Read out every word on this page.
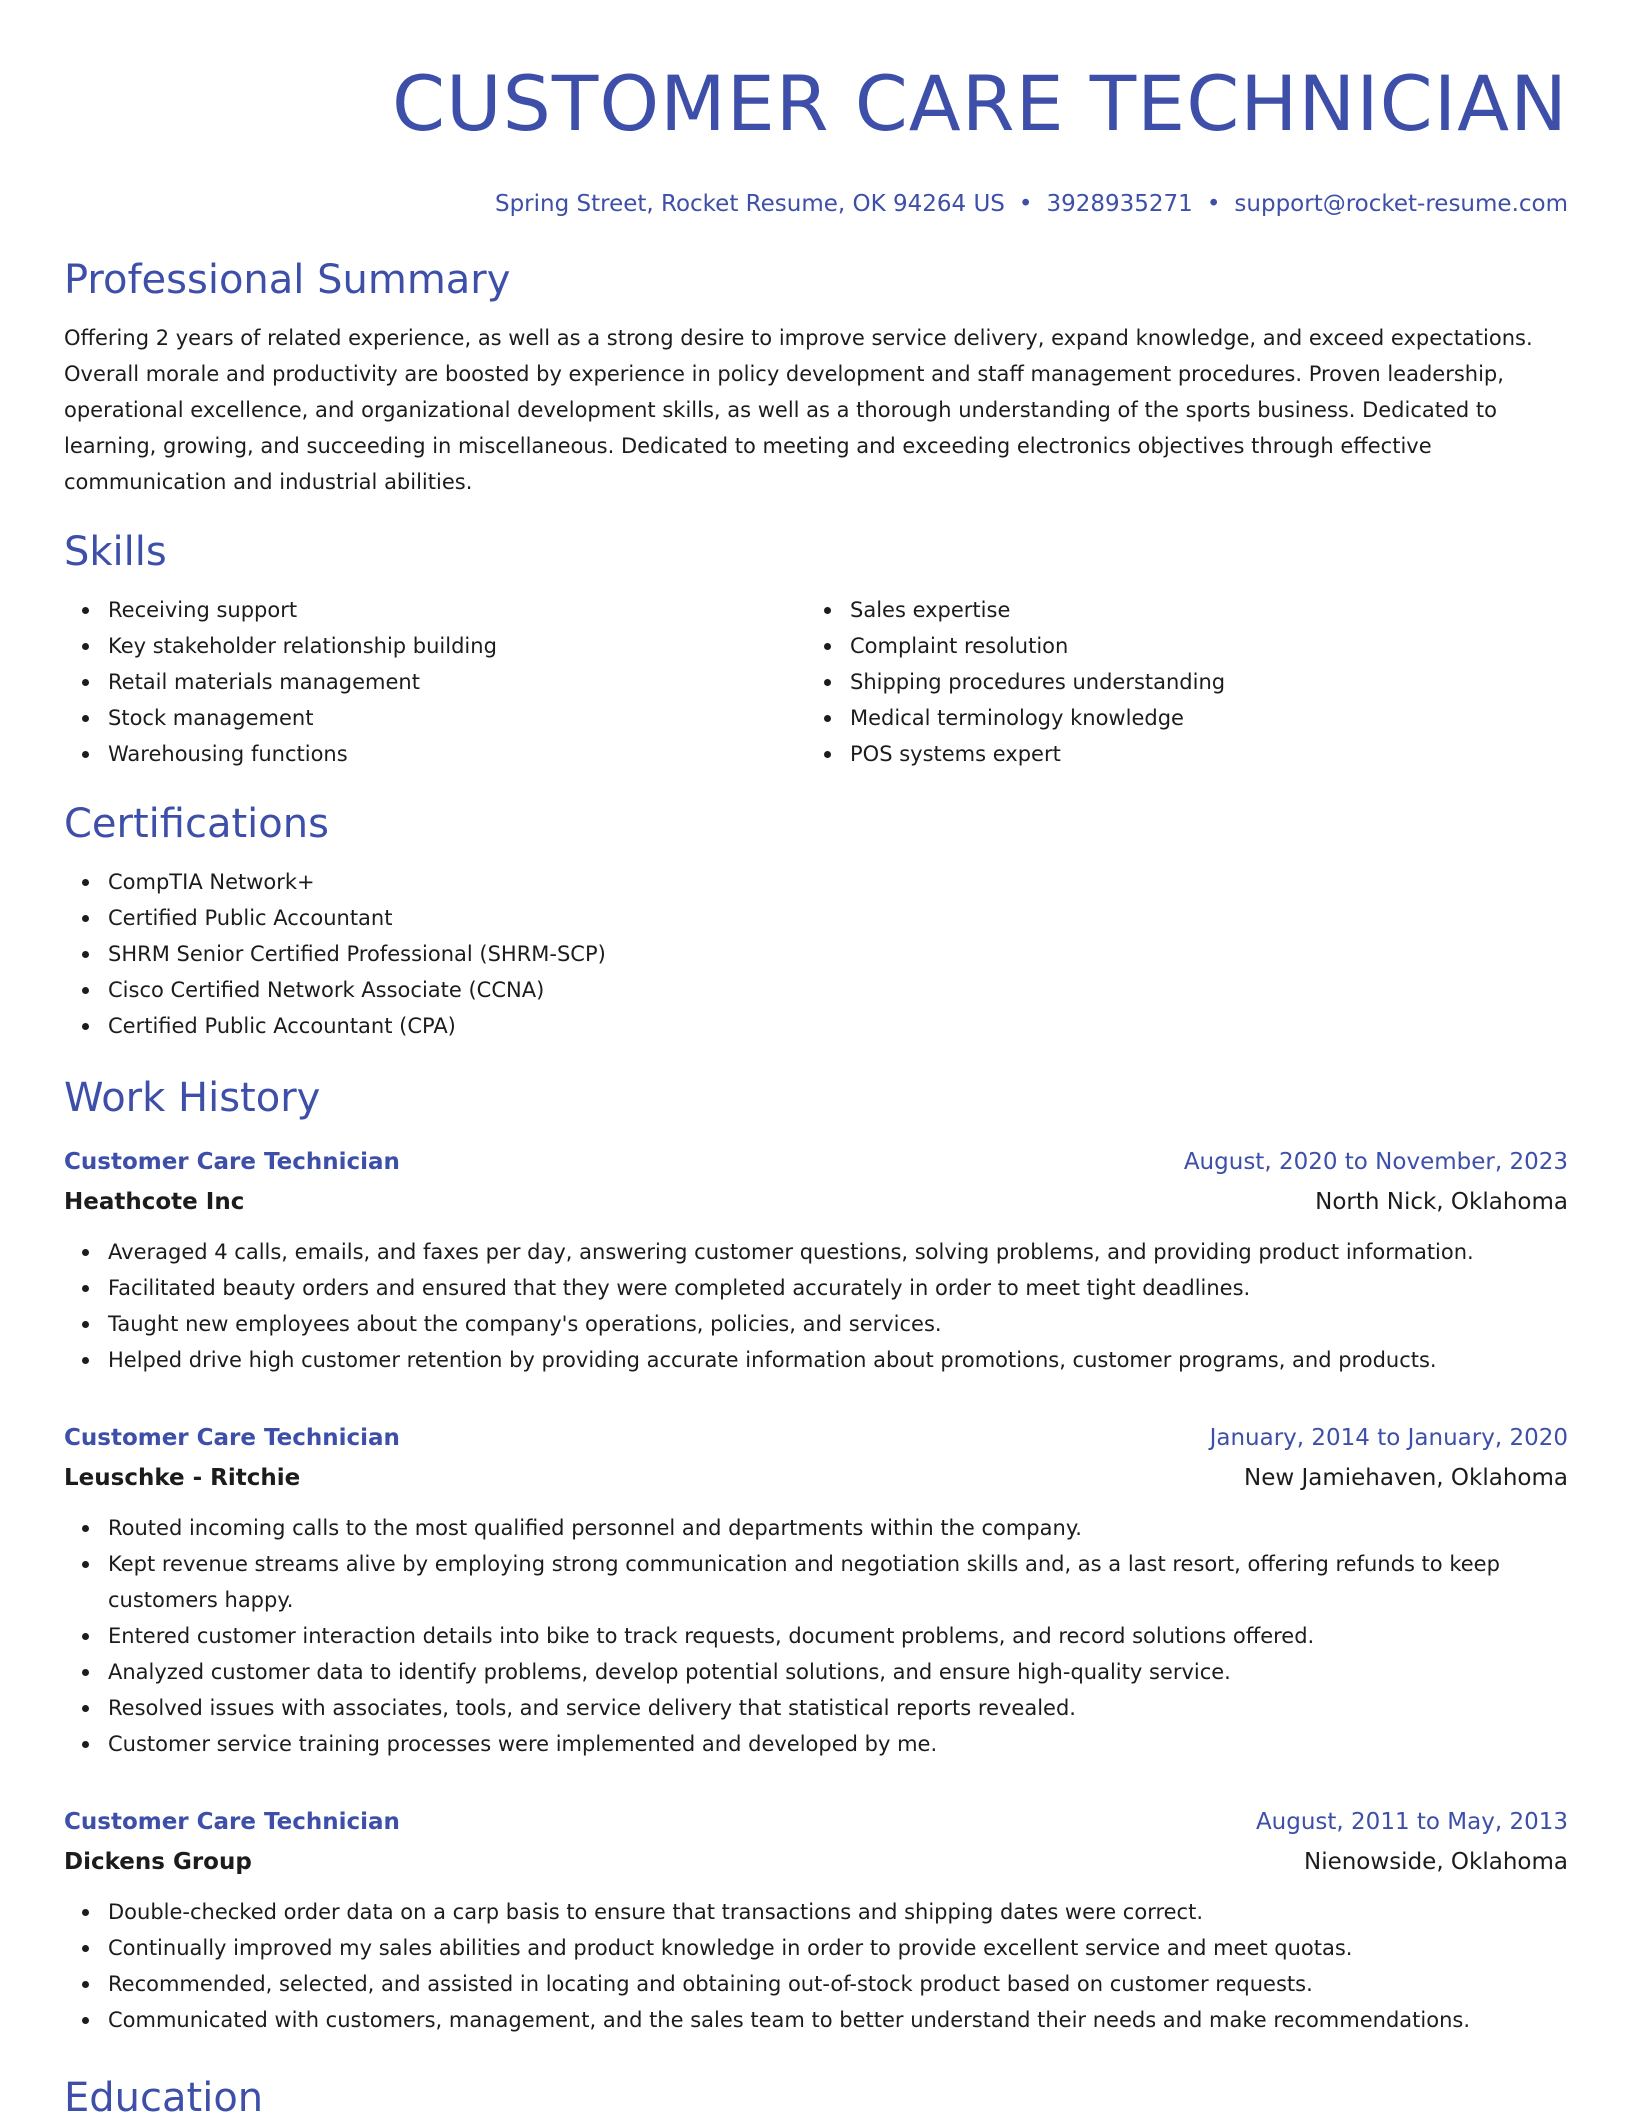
CUSTOMER CARE TECHNICIAN
Spring Street, Rocket Resume, OK 94264 US • 3928935271 • support@rocket-resume.com
Professional Summary

Offering 2 years of related experience, as well as a strong desire to improve service delivery, expand knowledge, and exceed expectations. Overall morale and productivity are boosted by experience in policy development and staff management procedures. Proven leadership, operational excellence, and organizational development skills, as well as a thorough understanding of the sports business. Dedicated to learning, growing, and succeeding in miscellaneous. Dedicated to meeting and exceeding electronics objectives through effective communication and industrial abilities.

Skills
Receiving support
Key stakeholder relationship building
Retail materials management
Stock management
Warehousing functions
Sales expertise
Complaint resolution
Shipping procedures understanding
Medical terminology knowledge
POS systems expert
Certifications
CompTIA Network+
Certified Public Accountant
SHRM Senior Certified Professional (SHRM-SCP)
Cisco Certified Network Associate (CCNA)
Certified Public Accountant (CPA)
Work History
Customer Care Technician	August, 2020 to November, 2023
Heathcote Inc	North Nick, Oklahoma
Averaged 4 calls, emails, and faxes per day, answering customer questions, solving problems, and providing product information.
Facilitated beauty orders and ensured that they were completed accurately in order to meet tight deadlines.
Taught new employees about the company's operations, policies, and services.
Helped drive high customer retention by providing accurate information about promotions, customer programs, and products.
Customer Care Technician	January, 2014 to January, 2020
Leuschke - Ritchie	New Jamiehaven, Oklahoma
Routed incoming calls to the most qualified personnel and departments within the company.
Kept revenue streams alive by employing strong communication and negotiation skills and, as a last resort, offering refunds to keep customers happy.
Entered customer interaction details into bike to track requests, document problems, and record solutions offered.
Analyzed customer data to identify problems, develop potential solutions, and ensure high-quality service.
Resolved issues with associates, tools, and service delivery that statistical reports revealed.
Customer service training processes were implemented and developed by me.
Customer Care Technician	August, 2011 to May, 2013
Dickens Group	Nienowside, Oklahoma
Double-checked order data on a carp basis to ensure that transactions and shipping dates were correct.
Continually improved my sales abilities and product knowledge in order to provide excellent service and meet quotas.
Recommended, selected, and assisted in locating and obtaining out-of-stock product based on customer requests.
Communicated with customers, management, and the sales team to better understand their needs and make recommendations.
Education
